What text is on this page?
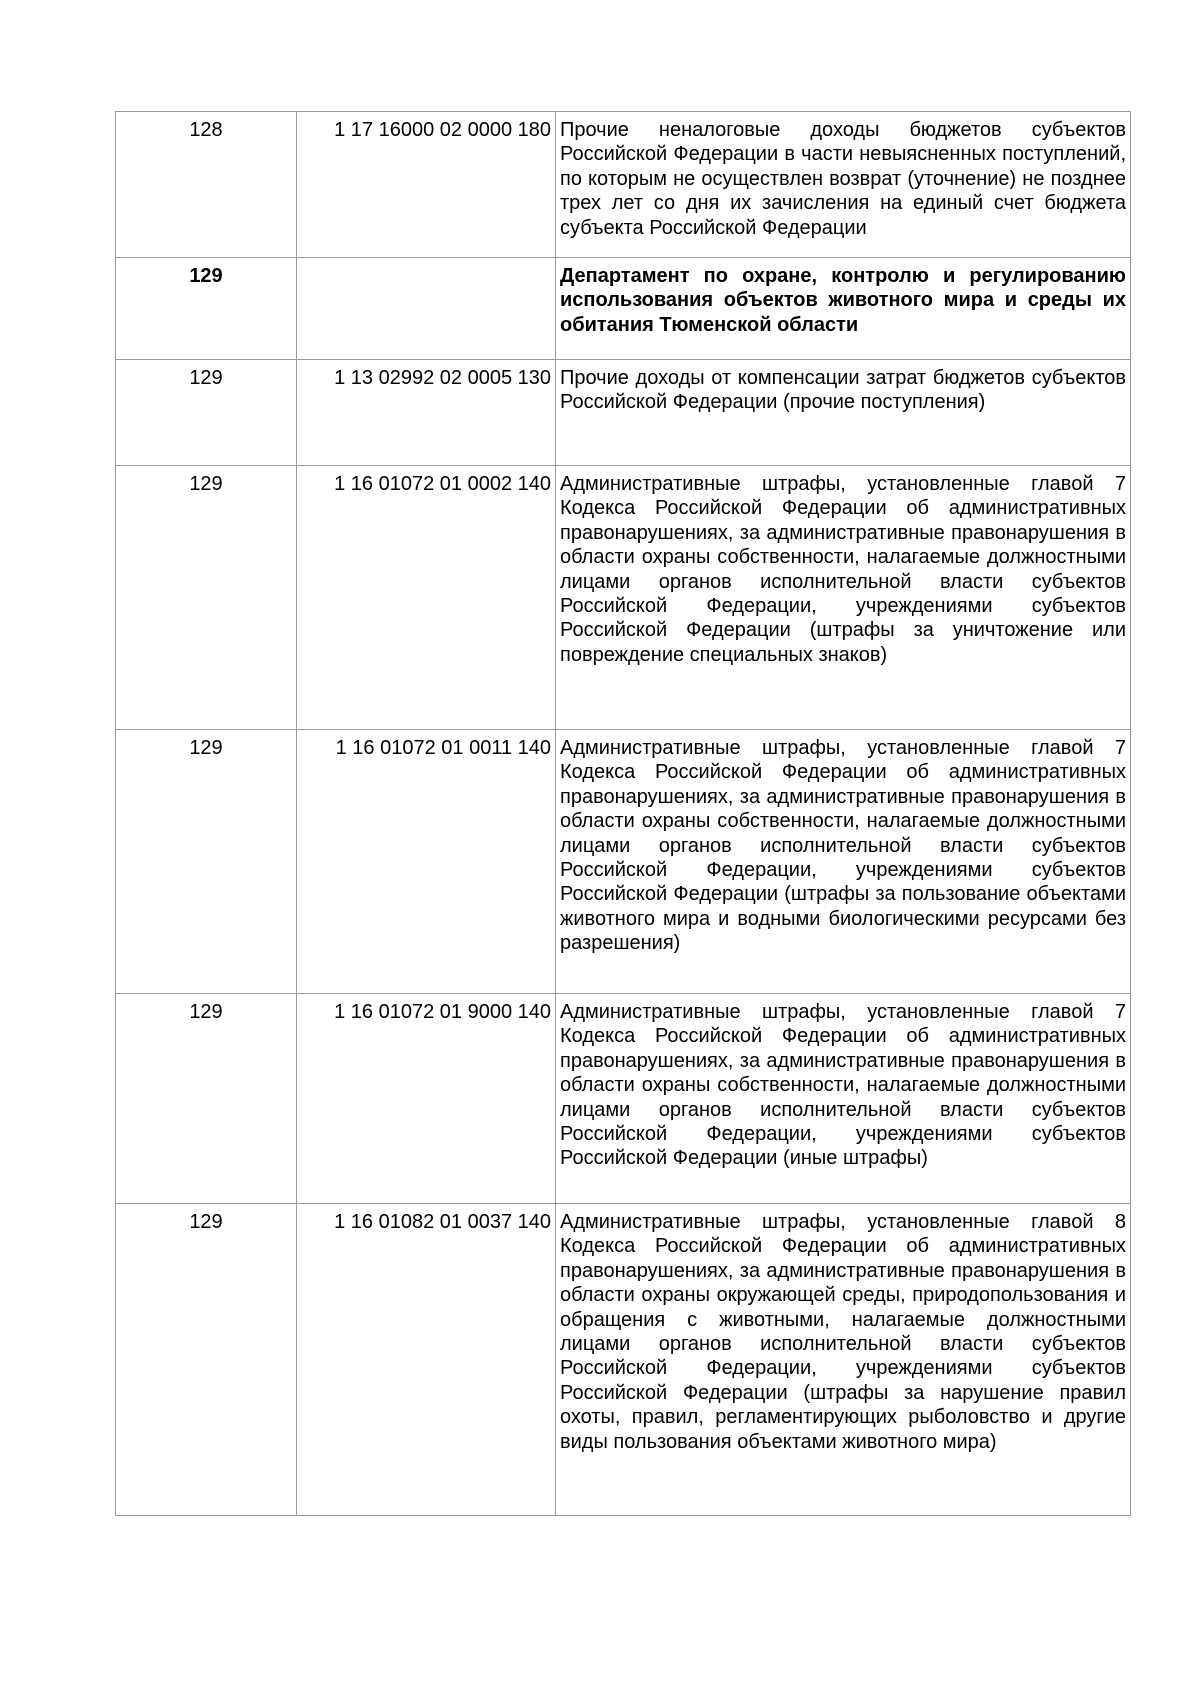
128	1 17 16000 02 0000 180	Прочие неналоговые доходы бюджетов субъектов Российской Федерации в части невыясненных поступлений, по которым не осуществлен возврат (уточнение) не позднее трех лет со дня их зачисления на единый счет бюджета субъекта Российской Федерации
129		Департамент по охране, контролю и регулированию использования объектов животного мира и среды их обитания Тюменской области
129	1 13 02992 02 0005 130	Прочие доходы от компенсации затрат бюджетов субъектов Российской Федерации (прочие поступления)
129	1 16 01072 01 0002 140	Административные штрафы, установленные главой 7 Кодекса Российской Федерации об административных правонарушениях, за административные правонарушения в области охраны собственности, налагаемые должностными лицами органов исполнительной власти субъектов Российской Федерации, учреждениями субъектов Российской Федерации (штрафы за уничтожение или повреждение специальных знаков)
129	1 16 01072 01 0011 140	Административные штрафы, установленные главой 7 Кодекса Российской Федерации об административных правонарушениях, за административные правонарушения в области охраны собственности, налагаемые должностными лицами органов исполнительной власти субъектов Российской Федерации, учреждениями субъектов Российской Федерации (штрафы за пользование объектами животного мира и водными биологическими ресурсами без разрешения)
129	1 16 01072 01 9000 140	Административные штрафы, установленные главой 7 Кодекса Российской Федерации об административных правонарушениях, за административные правонарушения в области охраны собственности, налагаемые должностными лицами органов исполнительной власти субъектов Российской Федерации, учреждениями субъектов Российской Федерации (иные штрафы)
129	1 16 01082 01 0037 140	Административные штрафы, установленные главой 8 Кодекса Российской Федерации об административных правонарушениях, за административные правонарушения в области охраны окружающей среды, природопользования и обращения с животными, налагаемые должностными лицами органов исполнительной власти субъектов Российской Федерации, учреждениями субъектов Российской Федерации (штрафы за нарушение правил охоты, правил, регламентирующих рыболовство и другие виды пользования объектами животного мира)
